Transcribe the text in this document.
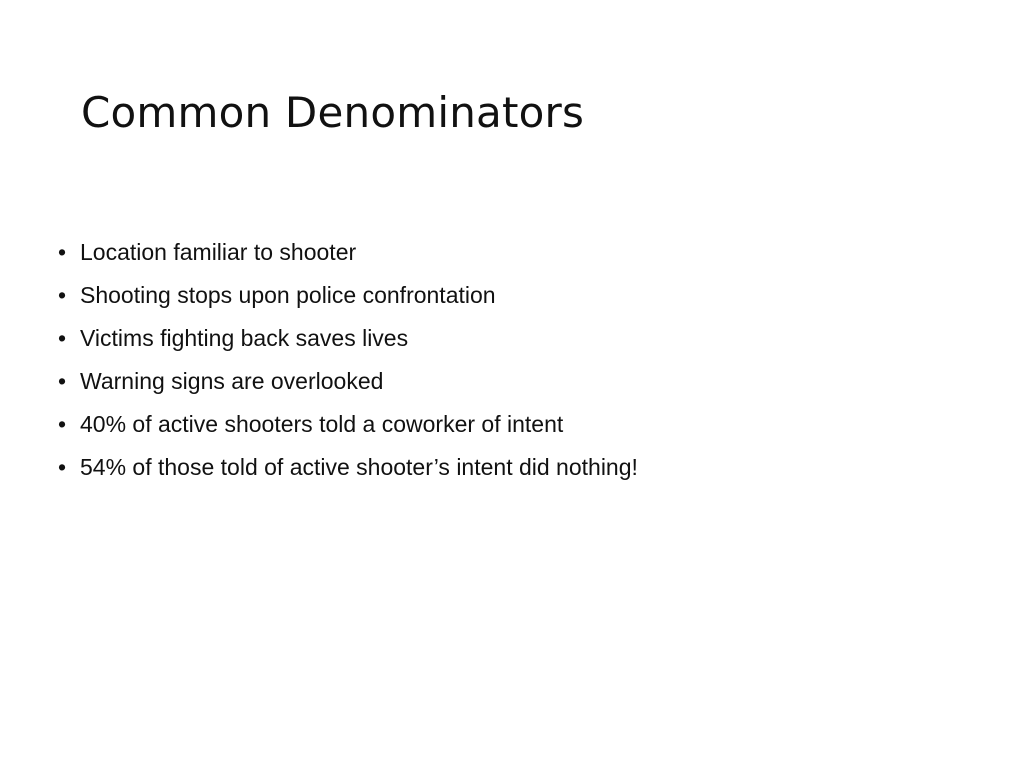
Common Denominators
• Location familiar to shooter
• Shooting stops upon police confrontation
• Victims fighting back saves lives
• Warning signs are overlooked
• 40% of active shooters told a coworker of intent
• 54% of those told of active shooter’s intent did nothing!
